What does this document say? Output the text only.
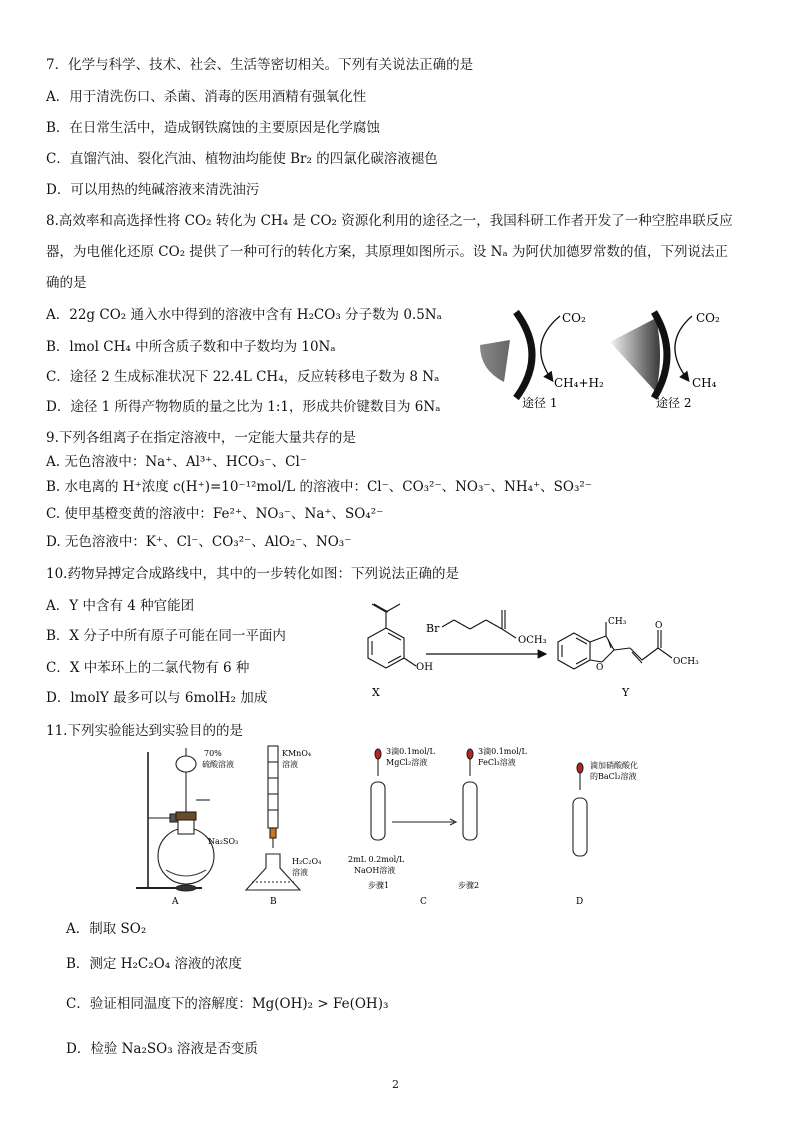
7．化学与科学、技术、社会、生活等密切相关。下列有关说法正确的是
A．用于清洗伤口、杀菌、消毒的医用酒精有强氧化性
B．在日常生活中，造成钢铁腐蚀的主要原因是化学腐蚀
C．直馏汽油、裂化汽油、植物油均能使 Br₂ 的四氯化碳溶液褪色
D．可以用热的纯碱溶液来清洗油污
8.高效率和高选择性将 CO₂ 转化为 CH₄ 是 CO₂ 资源化利用的途径之一，我国科研工作者开发了一种空腔串联反应
器，为电催化还原 CO₂ 提供了一种可行的转化方案，其原理如图所示。设 Nₐ 为阿伏加德罗常数的值，下列说法正
确的是
A．22g CO₂ 通入水中得到的溶液中含有 H₂CO₃ 分子数为 0.5Nₐ
B．lmol CH₄ 中所含质子数和中子数均为 10Nₐ
C．途径 2 生成标准状况下 22.4L CH₄，反应转移电子数为 8 Nₐ
D．途径 1 所得产物物质的量之比为 1:1，形成共价键数目为 6Nₐ
CO₂
CH₄+H₂
途径 1
CO₂
CH₄
途径 2
9.下列各组离子在指定溶液中，一定能大量共存的是
A. 无色溶液中：Na⁺、Al³⁺、HCO₃⁻、Cl⁻
B. 水电离的 H⁺浓度 c(H⁺)=10⁻¹²mol/L 的溶液中：Cl⁻、CO₃²⁻、NO₃⁻、NH₄⁺、SO₃²⁻
C. 使甲基橙变黄的溶液中：Fe²⁺、NO₃⁻、Na⁺、SO₄²⁻
D. 无色溶液中：K⁺、Cl⁻、CO₃²⁻、AlO₂⁻、NO₃⁻
10.药物异搏定合成路线中，其中的一步转化如图：下列说法正确的是
A．Y 中含有 4 种官能团
B．X 分子中所有原子可能在同一平面内
C．X 中苯环上的二氯代物有 6 种
D．lmolY 最多可以与 6molH₂ 加成
OH
X
Br
OCH₃
CH₃
O
O
OCH₃
Y
11.下列实验能达到实验目的的是
70%
硫酸溶液
Na₂SO₃
A
KMnO₄
溶液
H₂C₂O₄
溶液
B
3滴0.1mol/L
MgCl₂溶液
3滴0.1mol/L
FeCl₃溶液
2mL 0.2mol/L
NaOH溶液
步骤1	步骤2
C
滴加硝酸酸化
的BaCl₂溶液
D
A．制取 SO₂
B．测定 H₂C₂O₄ 溶液的浓度
C．验证相同温度下的溶解度：Mg(OH)₂ > Fe(OH)₃
D．检验 Na₂SO₃ 溶液是否变质
2
